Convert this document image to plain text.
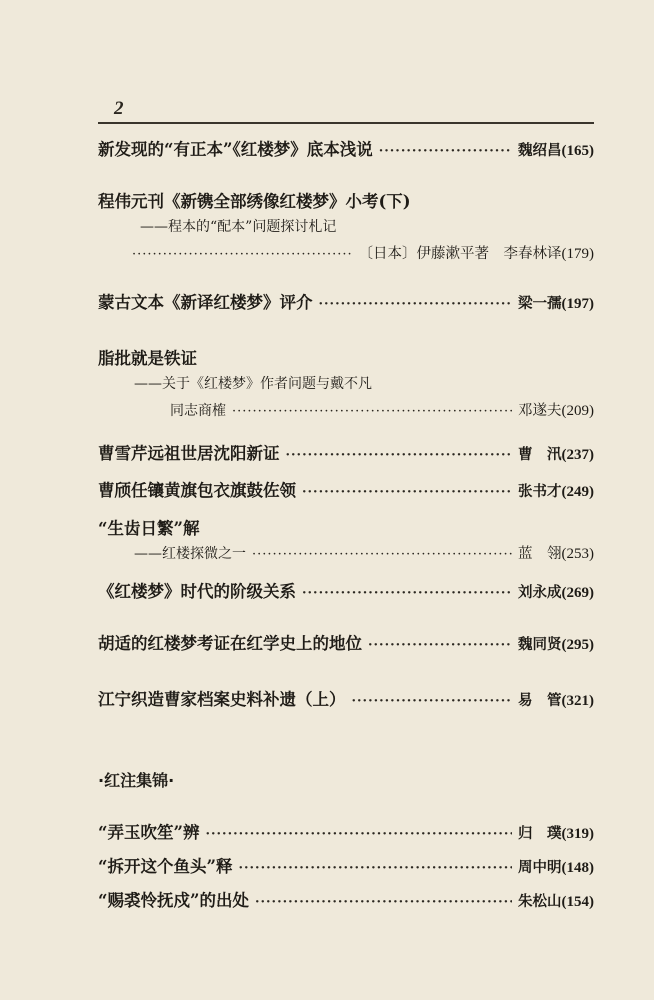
2
新发现的“有正本”《红楼梦》底本浅说 ·····	魏绍昌 (165)
程伟元刊《新镌全部绣像红楼梦》小考(下)
——程本的“配本”问题探讨札记
·····
〔日本〕伊藤漱平著　李春林译 (179)
蒙古文本《新译红楼梦》评介 ·····	梁一孺 (197)
脂批就是铁证
——关于《红楼梦》作者问题与戴不凡
同志商榷 ·····	邓遂夫 (209)
曹雪芹远祖世居沈阳新证 ·····	曹　汛 (237)
曹颀任镶黄旗包衣旗鼓佐领 ·····	张书才 (249)
“生齿日繁”解
——红楼探微之一 ·····	蓝　翎 (253)
《红楼梦》时代的阶级关系 ·····	刘永成 (269)
胡适的红楼梦考证在红学史上的地位 ·····	魏同贤 (295)
江宁织造曹家档案史料补遗（上） ·····	易　管 (321)
·红注集锦·
“弄玉吹笙”辨 ·····	归　璞 (319)
“拆开这个鱼头”释 ·····	周中明 (148)
“赐裘怜抚戍”的出处 ·····	朱松山 (154)
